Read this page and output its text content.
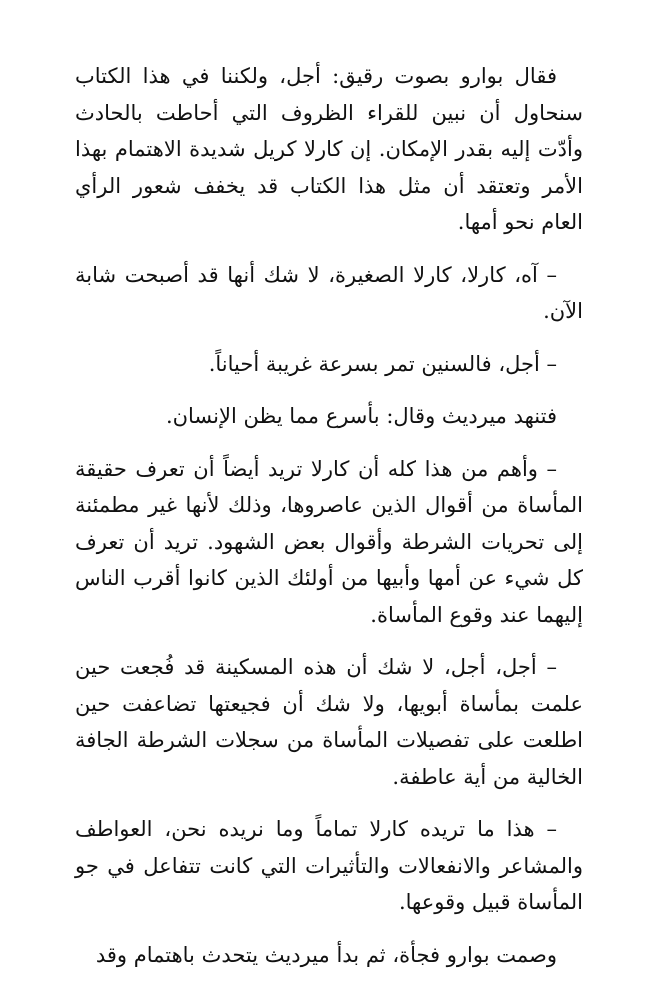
فقال بوارو بصوت رقيق: أجل، ولكننا في هذا الكتاب سنحاول أن نبين للقراء الظروف التي أحاطت بالحادث وأدّت إليه بقدر الإمكان. إن كارلا كريل شديدة الاهتمام بهذا الأمر وتعتقد أن مثل هذا الكتاب قد يخفف شعور الرأي العام نحو أمها.

– آه، كارلا، كارلا الصغيرة، لا شك أنها قد أصبحت شابة الآن.

– أجل، فالسنين تمر بسرعة غريبة أحياناً.

فتنهد ميرديث وقال: بأسرع مما يظن الإنسان.

– وأهم من هذا كله أن كارلا تريد أيضاً أن تعرف حقيقة المأساة من أقوال الذين عاصروها، وذلك لأنها غير مطمئنة إلى تحريات الشرطة وأقوال بعض الشهود. تريد أن تعرف كل شيء عن أمها وأبيها من أولئك الذين كانوا أقرب الناس إليهما عند وقوع المأساة.

– أجل، أجل، لا شك أن هذه المسكينة قد فُجعت حين علمت بمأساة أبويها، ولا شك أن فجيعتها تضاعفت حين اطلعت على تفصيلات المأساة من سجلات الشرطة الجافة الخالية من أية عاطفة.

– هذا ما تريده كارلا تماماً وما نريده نحن، العواطف والمشاعر والانفعالات والتأثيرات التي كانت تتفاعل في جو المأساة قبيل وقوعها.

وصمت بوارو فجأة، ثم بدأ ميرديث يتحدث باهتمام وقد
